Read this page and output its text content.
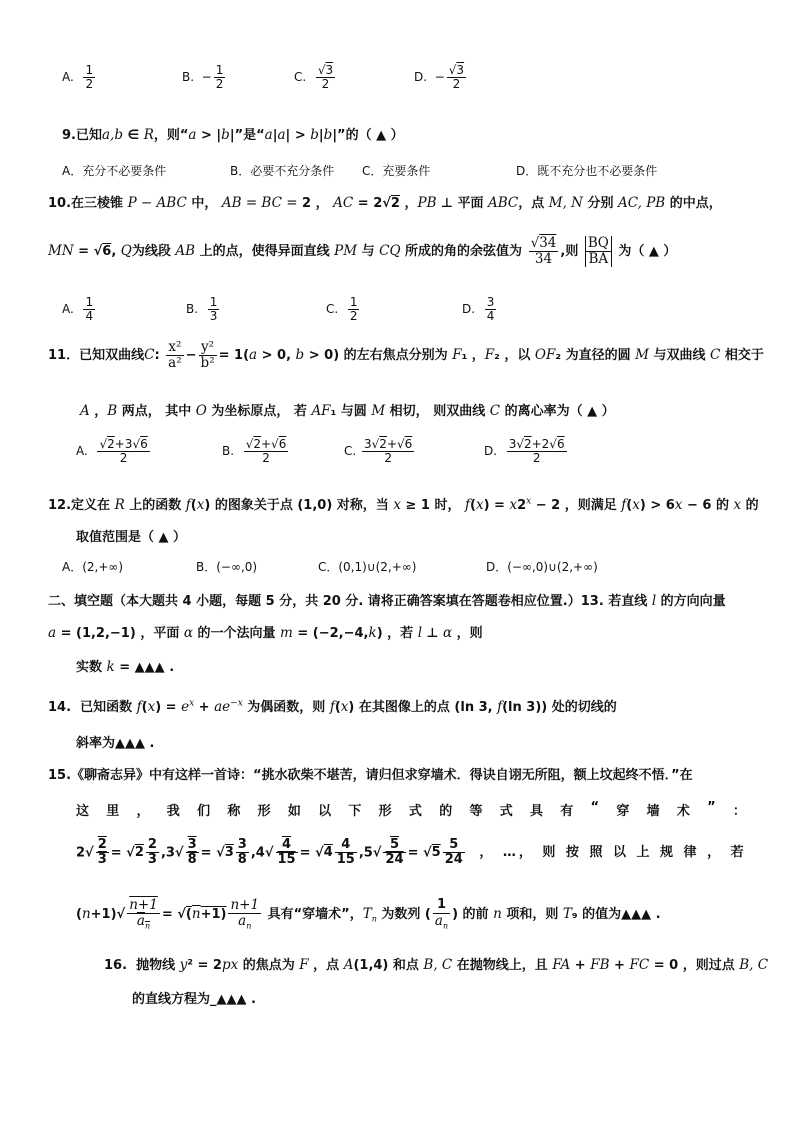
A. $\frac{1}{2}$	B.  − $\frac{1}{2}$	C. $\frac{√3}{2}$	D.  − $\frac{√3}{2}$
9.已知a,b ∈ R，则“a > |b|”是“a|a| > b|b|”的（ ▲ ）
A．充分不必要条件	B．必要不充分条件 C．充要条件	D．既不充分也不必要条件
10.在三棱锥 P − ABC 中， AB = BC = 2 ， AC = 2√2 ，PB ⊥ 平面 ABC，点 M, N 分别 AC, PB 的中点，
MN = √6, Q为线段 AB 上的点，使得异面直线 PM 与 CQ 所成的角的余弦值为 $\frac{√34}{34}$ ,则 $\frac{BQ}{BA}$ 为（ ▲ ）
A. $\frac{1}{4}$	B. $\frac{1}{3}$	C. $\frac{1}{2}$	D. $\frac{3}{4}$
11．已知双曲线C: $\frac{\text{x²}}{\text{a²}} - \frac{\text{y²}}{\text{b²}} = 1(a > 0$, b > 0) 的左右焦点分别为 F₁ ，F₂ ，以 OF₂ 为直径的圆 M 与双曲线 C 相交于
A ，B 两点， 其中 O 为坐标原点， 若 AF₁ 与圆 M 相切， 则双曲线 C 的离心率为（ ▲ ）
A. $\frac{√2+3√6}{2}$	B. $\frac{√2+√6}{2}$	C. $\frac{3√2+√6}{2}$	D. $\frac{3√2+2√6}{2}$
12.定义在 R 上的函数 f(x) 的图象关于点 (1,0) 对称，当 x ≥ 1 时， $f(x) = x2^x - 2$ ，则满足 f(x) > 6x − 6 的 x 的
取值范围是（ ▲ ）
A．(2,+∞)	B．(−∞,0)	C．(0,1)∪(2,+∞)	D．(−∞,0)∪(2,+∞)
二、填空题（本大题共 4 小题，每题 5 分，共 20 分. 请将正确答案填在答题卷相应位置.）13. 若直线 l 的方向向量
a = (1,2,−1) ，平面 α 的一个法向量 m = (−2,−4,k) ，若 l ⊥ α ，则
实数 k = ▲▲▲ .
14.  已知函数 $f(x) = e^x + ae^{-x}$ 为偶函数，则 f(x) 在其图像上的点 (ln 3, f(ln 3)) 处的切线的
斜率为▲▲▲ .
15.《聊斋志异》中有这样一首诗：“挑水砍柴不堪苦，请归但求穿墙术．得诀自诩无所阻，额上坟起终不悟．”在
这 里 ， 我 们 称 形 如 以 下 形 式 的 等 式 具 有 “ 穿 墙 术 ” ：
$2√ \frac{2}{3} = √2 \frac{2}{3} ,3√ \frac{3}{8} = √3 \frac{3}{8} ,4√ \frac{4}{15} = √4 \frac{4}{15} ,5√ \frac{5}{24} = √5 \frac{5}{24}$ ， …， 则 按 照 以 上 规 律 ， 若
$(n+1)√ \frac{n+1}{a_n} = √(n+1) \frac{n+1}{a_n}$ 具有“穿墙术”，$T_n$ 为数列 ( $\frac{1}{a_n}$ ) 的前 n 项和，则 T₉ 的值为▲▲▲ .
16.  抛物线 y² = 2px 的焦点为 F ，点 A(1,4) 和点 B, C 在抛物线上，且 FA + FB + FC = 0 ，则过点 B, C
的直线方程为_▲▲▲ .
